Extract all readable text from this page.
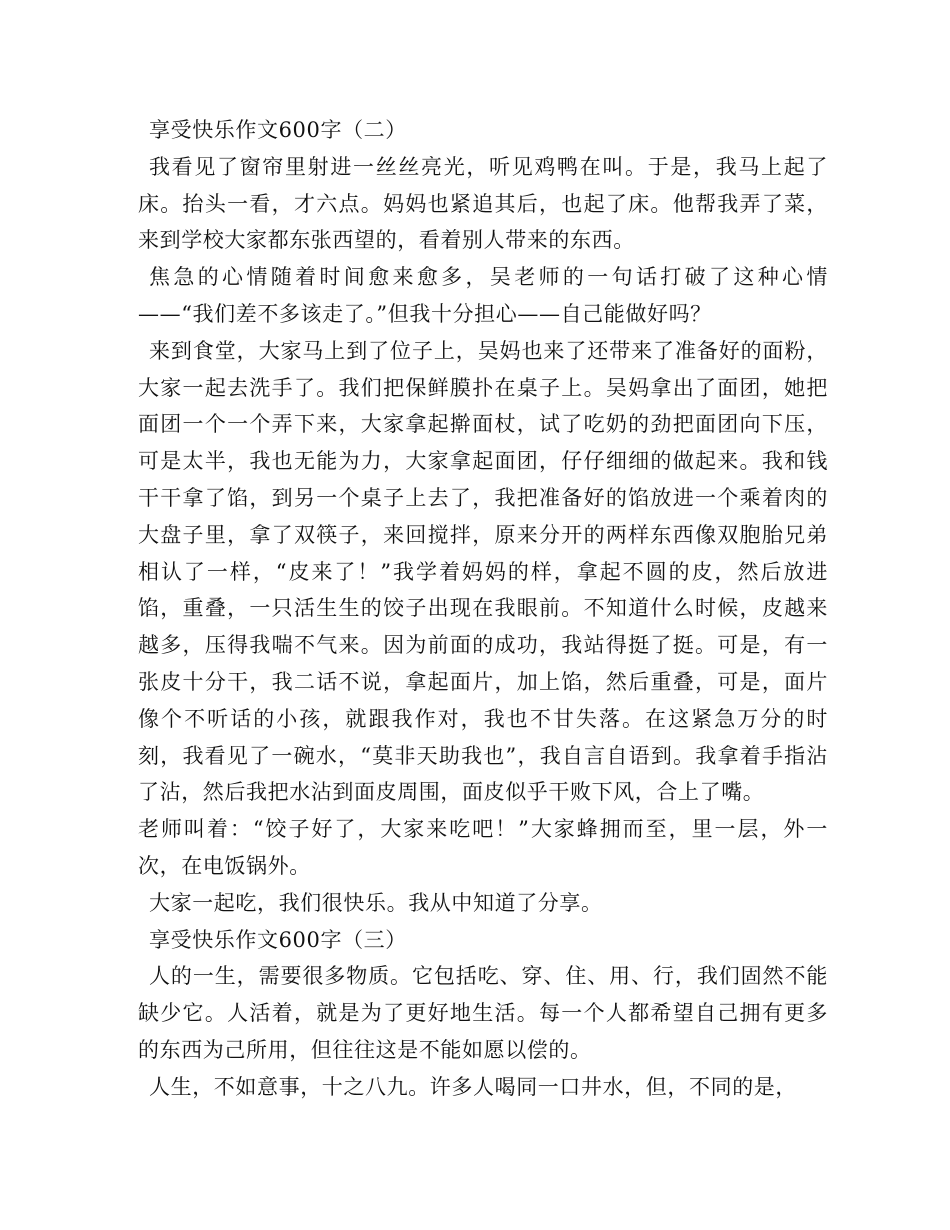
享受快乐作文600字（二）

我看见了窗帘里射进一丝丝亮光，听见鸡鸭在叫。于是，我马上起了床。抬头一看，才六点。妈妈也紧追其后，也起了床。他帮我弄了菜，来到学校大家都东张西望的，看着别人带来的东西。

焦急的心情随着时间愈来愈多，吴老师的一句话打破了这种心情——“我们差不多该走了。”但我十分担心——自己能做好吗？

来到食堂，大家马上到了位子上，吴妈也来了还带来了准备好的面粉，大家一起去洗手了。我们把保鲜膜扑在桌子上。吴妈拿出了面团，她把面团一个一个弄下来，大家拿起擀面杖，试了吃奶的劲把面团向下压，可是太半，我也无能为力，大家拿起面团，仔仔细细的做起来。我和钱干干拿了馅，到另一个桌子上去了，我把准备好的馅放进一个乘着肉的大盘子里，拿了双筷子，来回搅拌，原来分开的两样东西像双胞胎兄弟相认了一样，“皮来了！”我学着妈妈的样，拿起不圆的皮，然后放进馅，重叠，一只活生生的饺子出现在我眼前。不知道什么时候，皮越来越多，压得我喘不气来。因为前面的成功，我站得挺了挺。可是，有一张皮十分干，我二话不说，拿起面片，加上馅，然后重叠，可是，面片像个不听话的小孩，就跟我作对，我也不甘失落。在这紧急万分的时刻，我看见了一碗水，“莫非天助我也”，我自言自语到。我拿着手指沾了沾，然后我把水沾到面皮周围，面皮似乎干败下风，合上了嘴。

老师叫着：“饺子好了，大家来吃吧！”大家蜂拥而至，里一层，外一次，在电饭锅外。

大家一起吃，我们很快乐。我从中知道了分享。

享受快乐作文600字（三）

人的一生，需要很多物质。它包括吃、穿、住、用、行，我们固然不能缺少它。人活着，就是为了更好地生活。每一个人都希望自己拥有更多的东西为己所用，但往往这是不能如愿以偿的。

人生，不如意事，十之八九。许多人喝同一口井水，但，不同的是，
